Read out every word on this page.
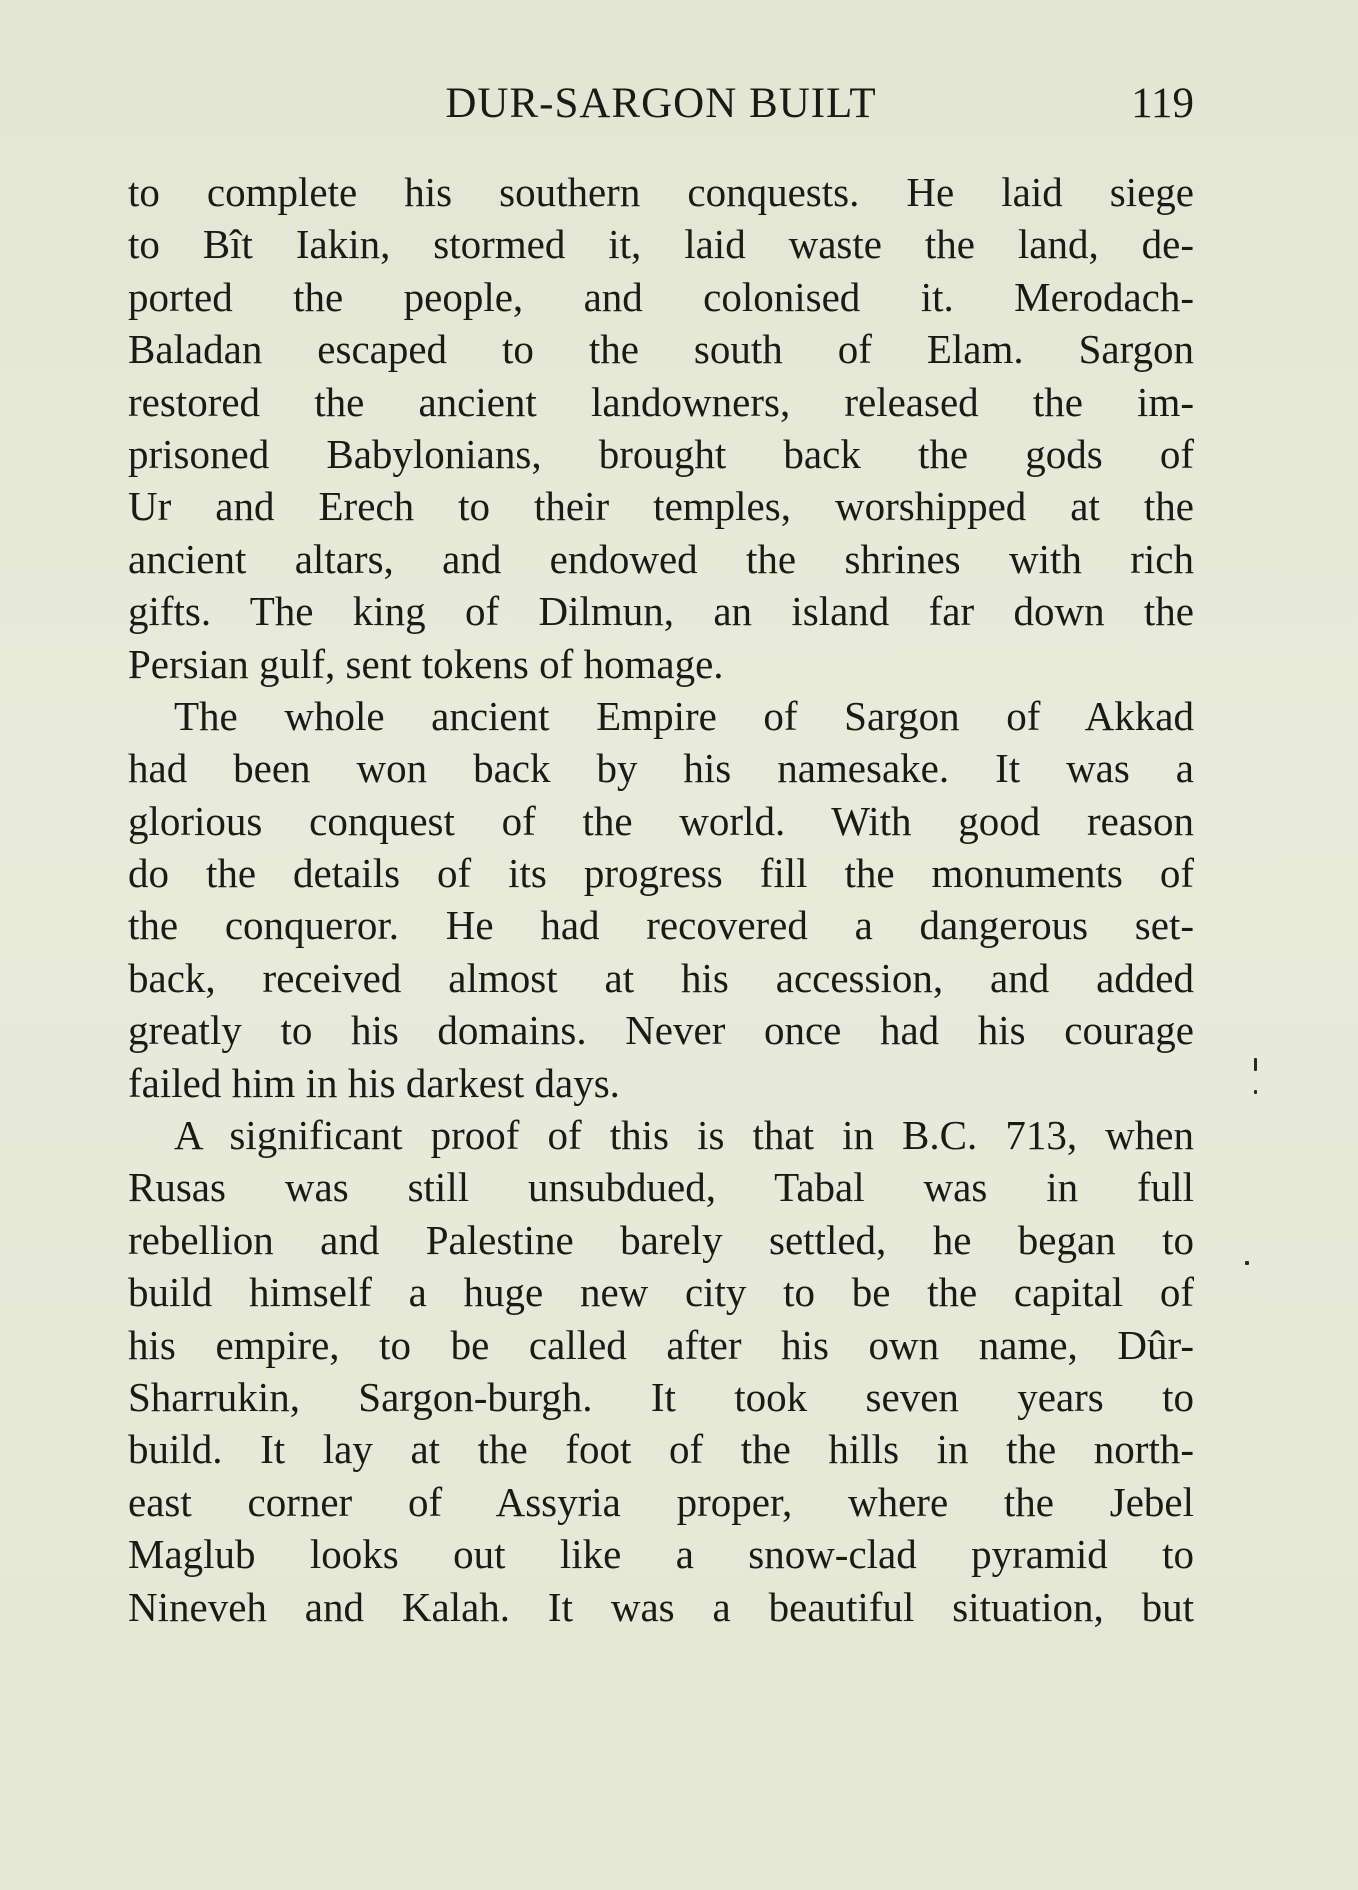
DUR-SARGON BUILT	119
to complete his southern conquests. He laid siege
to Bît Iakin, stormed it, laid waste the land, de-
ported the people, and colonised it. Merodach-
Baladan escaped to the south of Elam. Sargon
restored the ancient landowners, released the im-
prisoned Babylonians, brought back the gods of
Ur and Erech to their temples, worshipped at the
ancient altars, and endowed the shrines with rich
gifts. The king of Dilmun, an island far down the
Persian gulf, sent tokens of homage.
The whole ancient Empire of Sargon of Akkad
had been won back by his namesake. It was a
glorious conquest of the world. With good reason
do the details of its progress fill the monuments of
the conqueror. He had recovered a dangerous set-
back, received almost at his accession, and added
greatly to his domains. Never once had his courage
failed him in his darkest days.
A significant proof of this is that in B.C. 713, when
Rusas was still unsubdued, Tabal was in full
rebellion and Palestine barely settled, he began to
build himself a huge new city to be the capital of
his empire, to be called after his own name, Dûr-
Sharrukin, Sargon-burgh. It took seven years to
build. It lay at the foot of the hills in the north-
east corner of Assyria proper, where the Jebel
Maglub looks out like a snow-clad pyramid to
Nineveh and Kalah. It was a beautiful situation, but
